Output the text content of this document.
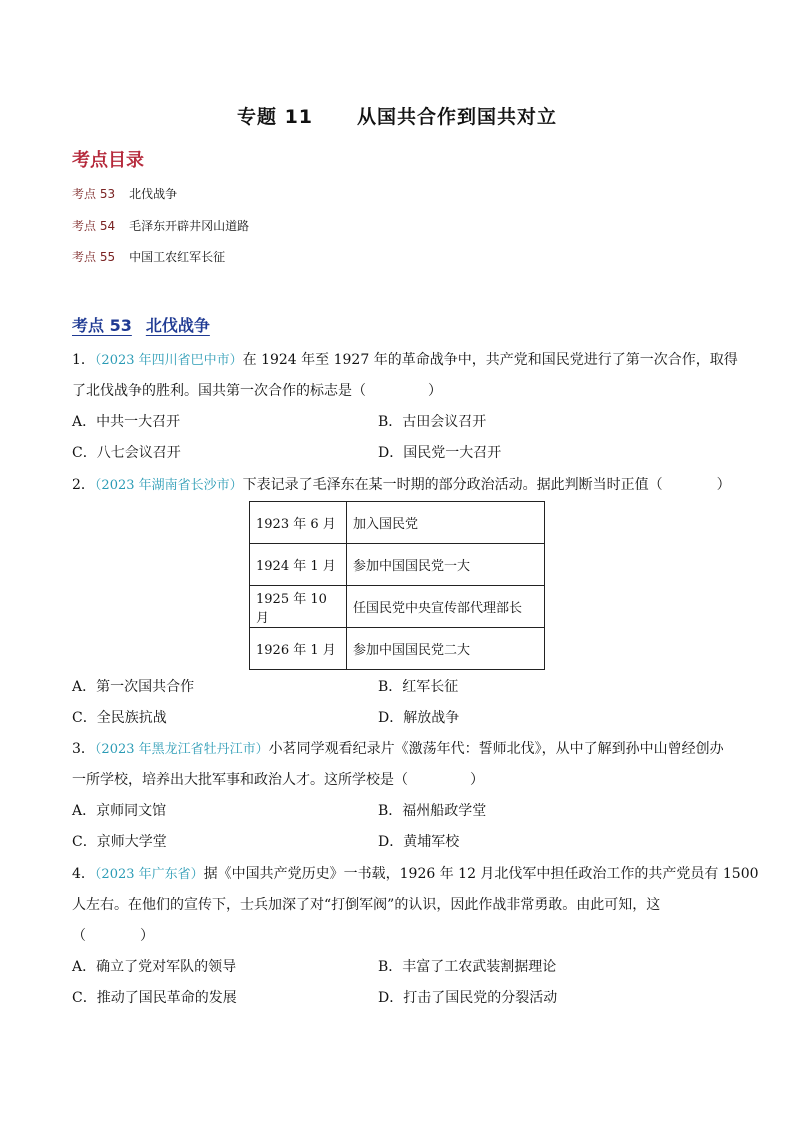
专题 11 从国共合作到国共对立
考点目录
考点 53 北伐战争
考点 54 毛泽东开辟井冈山道路
考点 55 中国工农红军长征
考点 53 北伐战争
1．（2023 年四川省巴中市）在 1924 年至 1927 年的革命战争中，共产党和国民党进行了第一次合作，取得
了北伐战争的胜利。国共第一次合作的标志是（	）
A．中共一大召开	B．古田会议召开
C．八七会议召开	D．国民党一大召开
2．（2023 年湖南省长沙市）下表记录了毛泽东在某一时期的部分政治活动。据此判断当时正值（	）
1923 年 6 月	加入国民党
1924 年 1 月	参加中国国民党一大
1925 年 10 月	任国民党中央宣传部代理部长
1926 年 1 月	参加中国国民党二大
A．第一次国共合作	B．红军长征
C．全民族抗战	D．解放战争
3．（2023 年黑龙江省牡丹江市）小茗同学观看纪录片《激荡年代：誓师北伐》，从中了解到孙中山曾经创办
一所学校，培养出大批军事和政治人才。这所学校是（	）
A．京师同文馆	B．福州船政学堂
C．京师大学堂	D．黄埔军校
4．（2023 年广东省）据《中国共产党历史》一书载，1926 年 12 月北伐军中担任政治工作的共产党员有 1500
人左右。在他们的宣传下，士兵加深了对“打倒军阀”的认识，因此作战非常勇敢。由此可知，这
（	）
A．确立了党对军队的领导	B．丰富了工农武装割据理论
C．推动了国民革命的发展	D．打击了国民党的分裂活动
